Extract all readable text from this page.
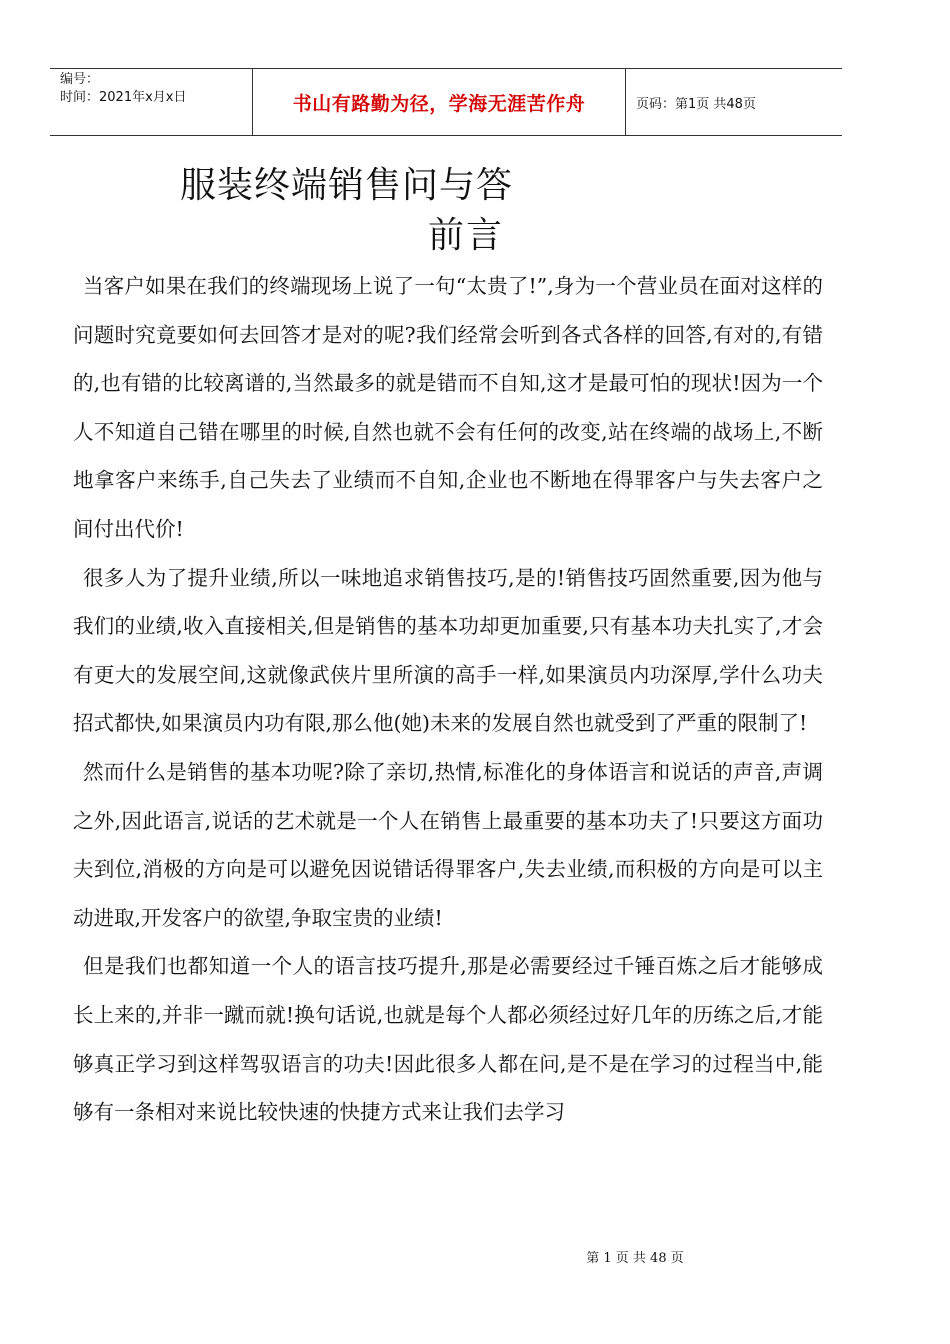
编号：
时间：2021年x月x日	书山有路勤为径，学海无涯苦作舟	页码：第1页 共48页
服装终端销售问与答
前言

当客户如果在我们的终端现场上说了一句“太贵了!”,身为一个营业员在面对这样的问题时究竟要如何去回答才是对的呢?我们经常会听到各式各样的回答,有对的,有错的,也有错的比较离谱的,当然最多的就是错而不自知,这才是最可怕的现状!因为一个人不知道自己错在哪里的时候,自然也就不会有任何的改变,站在终端的战场上,不断地拿客户来练手,自己失去了业绩而不自知,企业也不断地在得罪客户与失去客户之间付出代价!

很多人为了提升业绩,所以一味地追求销售技巧,是的!销售技巧固然重要,因为他与我们的业绩,收入直接相关,但是销售的基本功却更加重要,只有基本功夫扎实了,才会有更大的发展空间,这就像武侠片里所演的高手一样,如果演员内功深厚,学什么功夫招式都快,如果演员内功有限,那么他(她)未来的发展自然也就受到了严重的限制了!

然而什么是销售的基本功呢?除了亲切,热情,标准化的身体语言和说话的声音,声调之外,因此语言,说话的艺术就是一个人在销售上最重要的基本功夫了!只要这方面功夫到位,消极的方向是可以避免因说错话得罪客户,失去业绩,而积极的方向是可以主动进取,开发客户的欲望,争取宝贵的业绩!

但是我们也都知道一个人的语言技巧提升,那是必需要经过千锤百炼之后才能够成长上来的,并非一蹴而就!换句话说,也就是每个人都必须经过好几年的历练之后,才能够真正学习到这样驾驭语言的功夫!因此很多人都在问,是不是在学习的过程当中,能够有一条相对来说比较快速的快捷方式来让我们去学习

第 1 页 共 48 页
